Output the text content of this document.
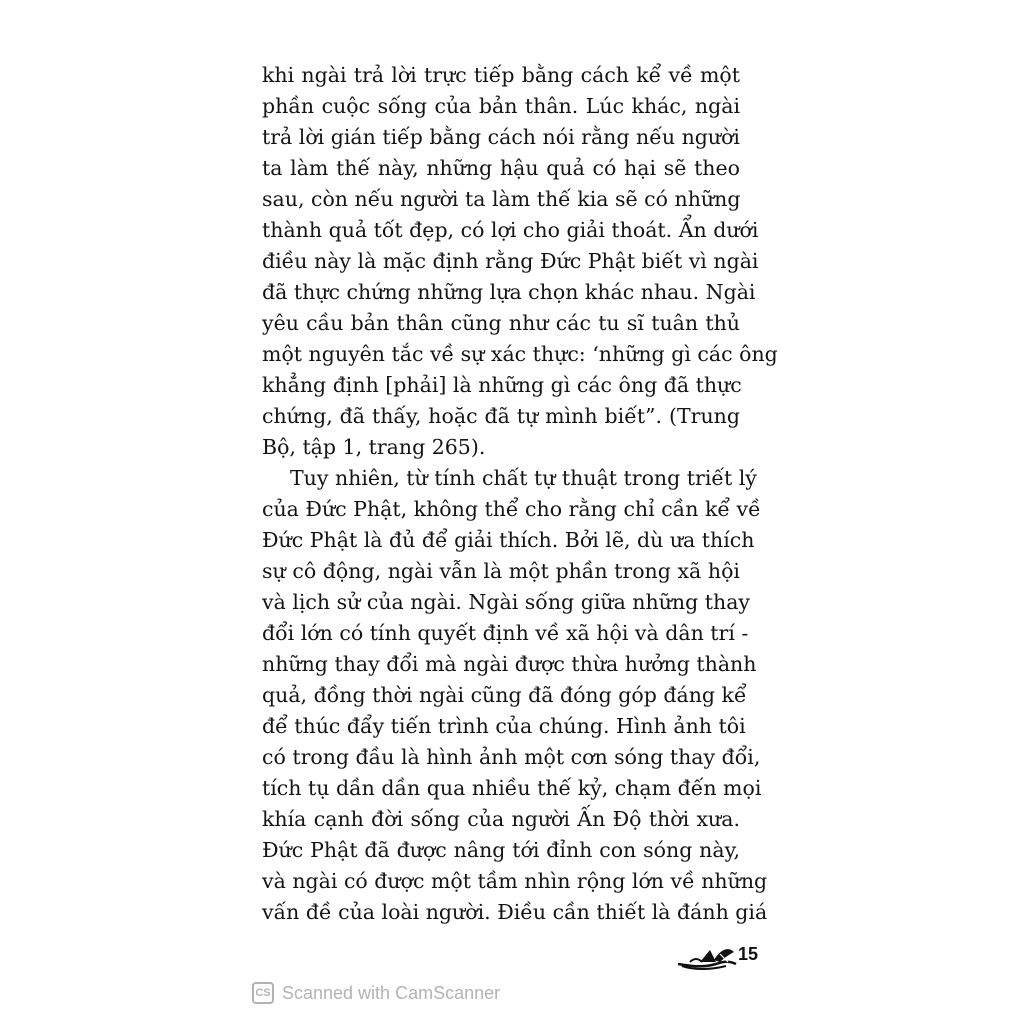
khi ngài trả lời trực tiếp bằng cách kể về một
phần cuộc sống của bản thân. Lúc khác, ngài
trả lời gián tiếp bằng cách nói rằng nếu người
ta làm thế này, những hậu quả có hại sẽ theo
sau, còn nếu người ta làm thế kia sẽ có những
thành quả tốt đẹp, có lợi cho giải thoát. Ẩn dưới
điều này là mặc định rằng Đức Phật biết vì ngài
đã thực chứng những lựa chọn khác nhau. Ngài
yêu cầu bản thân cũng như các tu sĩ tuân thủ
một nguyên tắc về sự xác thực: ‘những gì các ông
khẳng định [phải] là những gì các ông đã thực
chứng, đã thấy, hoặc đã tự mình biết”. (Trung
Bộ, tập 1, trang 265).
Tuy nhiên, từ tính chất tự thuật trong triết lý
của Đức Phật, không thể cho rằng chỉ cần kể về
Đức Phật là đủ để giải thích. Bởi lẽ, dù ưa thích
sự cô động, ngài vẫn là một phần trong xã hội
và lịch sử của ngài. Ngài sống giữa những thay
đổi lớn có tính quyết định về xã hội và dân trí -
những thay đổi mà ngài được thừa hưởng thành
quả, đồng thời ngài cũng đã đóng góp đáng kể
để thúc đẩy tiến trình của chúng. Hình ảnh tôi
có trong đầu là hình ảnh một cơn sóng thay đổi,
tích tụ dần dần qua nhiều thế kỷ, chạm đến mọi
khía cạnh đời sống của người Ấn Độ thời xưa.
Đức Phật đã được nâng tới đỉnh con sóng này,
và ngài có được một tầm nhìn rộng lớn về những
vấn đề của loài người. Điều cần thiết là đánh giá
15
CS Scanned with CamScanner
